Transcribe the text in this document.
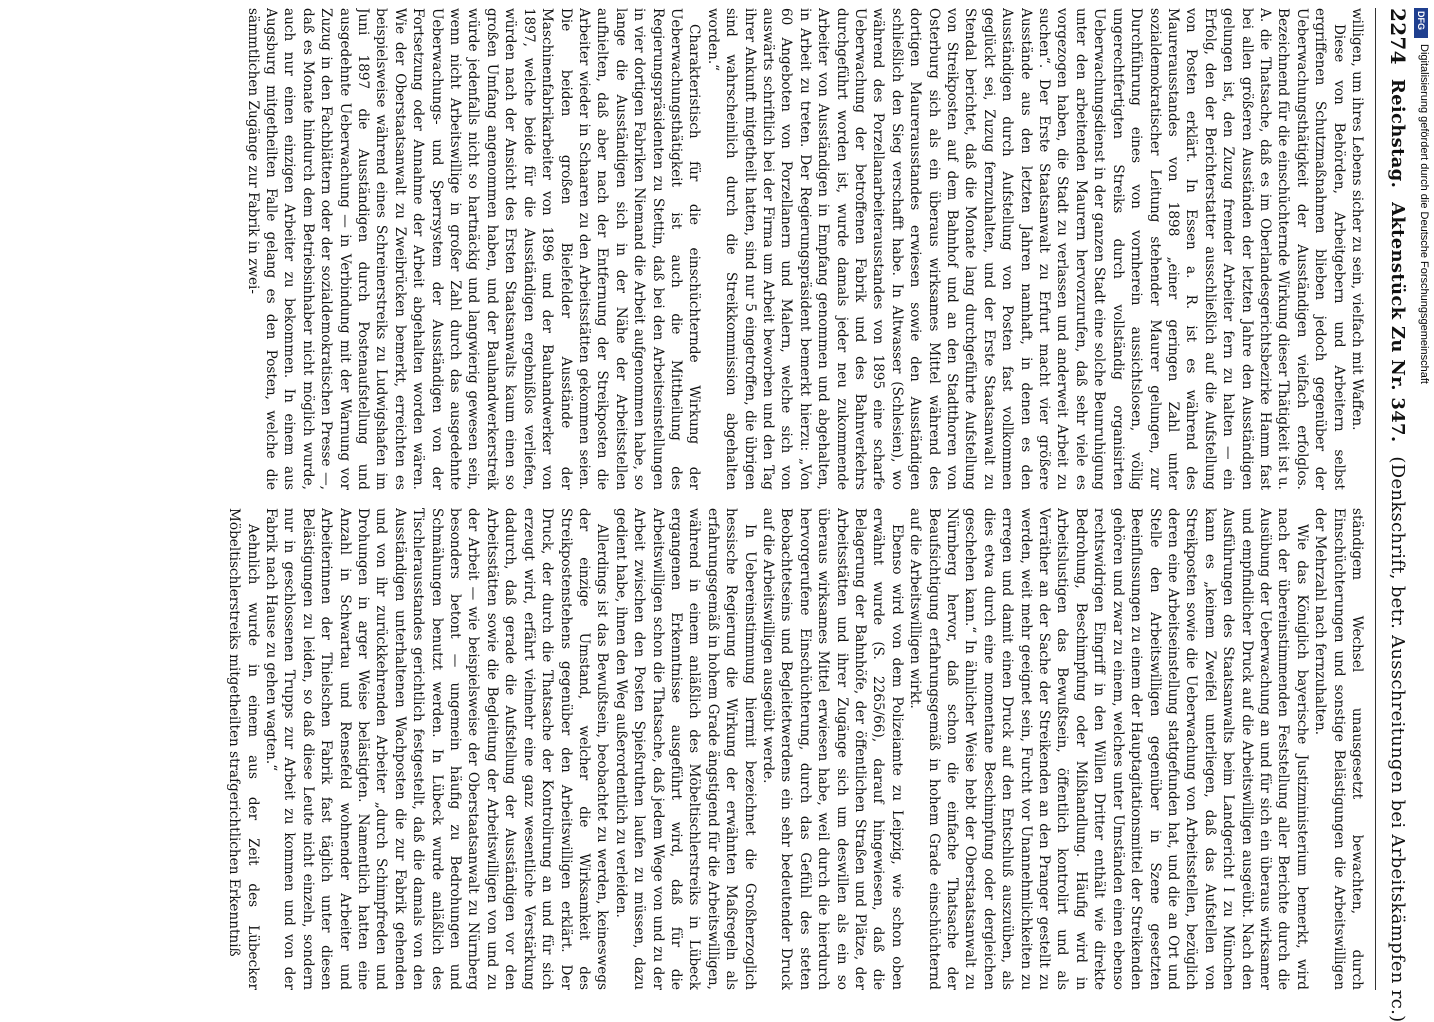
2274
Reichstag.
Aktenstück Zu Nr. 347.
(Denkschrift, betr. Ausschreitungen bei Arbeitskämpfen rc.)

willigen, um ihres Lebens sicher zu sein, vielfach mit Waffen.

Diese von Behörden, Arbeitgebern und Arbeitern selbst ergriffenen Schutzmaßnahmen blieben jedoch gegenüber der Ueberwachungsthätigkeit der Ausständigen vielfach erfolglos. Bezeichnend für die einschüchternde Wirkung dieser Thätigkeit ist u. A. die Thatsache, daß es im Oberlandesgerichtsbezirke Hamm fast bei allen größeren Ausständen der letzten Jahre den Ausständigen gelungen ist, den Zuzug fremder Arbeiter fern zu halten — ein Erfolg, den der Berichterstatter ausschließlich auf die Aufstellung von Posten erklärt. In Essen a. R. ist es während des Maurerausstandes von 1898 „einer geringen Zahl unter sozialdemokratischer Leitung stehender Maurer gelungen, zur Durchführung eines von vornherein aussichtslosen, völlig ungerechtfertigten Streiks durch vollständig organisirten Ueberwachungsdienst in der ganzen Stadt eine solche Beunruhigung unter den arbeitenden Maurern hervorzurufen, daß sehr viele es vorgezogen haben, die Stadt zu verlassen und anderweit Arbeit zu suchen“. Der Erste Staatsanwalt zu Erfurt macht vier größere Ausstände aus den letzten Jahren namhaft, in denen es den Ausständigen durch Aufstellung von Posten fast vollkommen geglückt sei, Zuzug fernzuhalten, und der Erste Staatsanwalt zu Stendal berichtet, daß die Monate lang durchgeführte Aufstellung von Streikposten auf dem Bahnhof und an den Stadtthoren von Osterburg sich als ein überaus wirksames Mittel während des dortigen Maurerausstandes erwiesen sowie den Ausständigen schließlich den Sieg verschafft habe. In Altwasser (Schlesien), wo während des Porzellanarbeiterausstandes von 1895 eine scharfe Ueberwachung der betroffenen Fabrik und des Bahnverkehrs durchgeführt worden ist, wurde damals jeder neu zukommende Arbeiter von Ausständigen in Empfang genommen und abgehalten, in Arbeit zu treten. Der Regierungspräsident bemerkt hierzu: „Von 60 Angeboten von Porzellanern und Malern, welche sich von auswärts schriftlich bei der Firma um Arbeit beworben und den Tag ihrer Ankunft mitgetheilt hatten, sind nur 5 eingetroffen, die übrigen sind wahrscheinlich durch die Streikkommission abgehalten worden.“

Charakteristisch für die einschüchternde Wirkung der Ueberwachungsthätigkeit ist auch die Mittheilung des Regierungspräsidenten zu Stettin, daß bei den Arbeitseinstellungen in vier dortigen Fabriken Niemand die Arbeit aufgenommen habe, so lange die Ausständigen sich in der Nähe der Arbeitsstellen aufhielten, daß aber nach der Entfernung der Streikposten die Arbeiter wieder in Schaaren zu den Arbeitsstätten gekommen seien. Die beiden großen Bielefelder Ausstände der Maschinenfabrikarbeiter von 1896 und der Bauhandwerker von 1897, welche beide für die Ausständigen ergebnißlos verliefen, würden nach der Ansicht des Ersten Staatsanwalts kaum einen so großen Umfang angenommen haben, und der Bauhandwerkerstreik würde jedenfalls nicht so hartnäckig und langwierig gewesen sein, wenn nicht Arbeitswillige in großer Zahl durch das ausgedehnte Ueberwachungs- und Sperrsystem der Ausständigen von der Fortsetzung oder Annahme der Arbeit abgehalten worden wären. Wie der Oberstaatsanwalt zu Zweibrücken bemerkt, erreichten es beispielsweise während eines Schreinerstreiks zu Ludwigshafen im Juni 1897 die Ausständigen durch Postenaufstellung und ausgedehnte Ueberwachung — in Verbindung mit der Warnung vor Zuzug in den Fachblättern oder der sozialdemokratischen Presse —, daß es Monate hindurch dem Betriebsinhaber nicht möglich wurde, auch nur einen einzigen Arbeiter zu bekommen. In einem aus Augsburg mitgetheilten Falle gelang es den Posten, welche die sämmtlichen Zugänge zur Fabrik in zwei-

ständigem Wechsel unausgesetzt bewachten, durch Einschüchterungen und sonstige Belästigungen die Arbeitswilligen der Mehrzahl nach fernzuhalten.

Wie das Königlich bayerische Justizministerium bemerkt, wird nach der übereinstimmenden Feststellung aller Berichte durch die Ausübung der Ueberwachung an und für sich ein überaus wirksamer und empfindlicher Druck auf die Arbeitswilligen ausgeübt. Nach den Ausführungen des Staatsanwalts beim Landgericht I zu München kann es „keinem Zweifel unterliegen, daß das Aufstellen von Streikposten sowie die Ueberwachung von Arbeitsstellen, bezüglich deren eine Arbeitseinstellung stattgefunden hat, und die an Ort und Stelle den Arbeitswilligen gegenüber in Szene gesetzten Beeinflussungen zu einem der Hauptagitationsmittel der Streikenden gehören und zwar zu einem, welches unter Umständen einen ebenso rechtswidrigen Eingriff in den Willen Dritter enthält wie direkte Bedrohung, Beschimpfung oder Mißhandlung. Häufig wird in Arbeitslustigen das Bewußtsein, öffentlich kontrolirt und als Verräther an der Sache der Streikenden an den Pranger gestellt zu werden, weit mehr geeignet sein, Furcht vor Unannehmlichkeiten zu erregen und damit einen Druck auf den Entschluß auszuüben, als dies etwa durch eine momentane Beschimpfung oder dergleichen geschehen kann.“ In ähnlicher Weise hebt der Oberstaatsanwalt zu Nürnberg hervor, daß schon die einfache Thatsache der Beaufsichtigung erfahrungsgemäß in hohem Grade einschüchternd auf die Arbeitswilligen wirkt.

Ebenso wird von dem Polizeiamte zu Leipzig, wie schon oben erwähnt wurde (S. 2265/66), darauf hingewiesen, daß die Belagerung der Bahnhöfe, der öffentlichen Straßen und Plätze, der Arbeitsstätten und ihrer Zugänge sich um deswillen als ein so überaus wirksames Mittel erwiesen habe, weil durch die hierdurch hervorgerufene Einschüchterung, durch das Gefühl des steten Beobachtetseins und Begleitetwerdens ein sehr bedeutender Druck auf die Arbeitswilligen ausgeübt werde.

In Uebereinstimmung hiermit bezeichnet die Großherzoglich hessische Regierung die Wirkung der erwähnten Maßregeln als erfahrungsgemäß in hohem Grade ängstigend für die Arbeitswilligen, während in einem anläßlich des Möbeltischlerstreiks in Lübeck ergangenen Erkenntnisse ausgeführt wird, daß für die Arbeitswilligen schon die Thatsache, daß jedem Wege von und zu der Arbeit zwischen den Posten Spießruthen laufen zu müssen, dazu gedient habe, ihnen den Weg außerordentlich zu verleiden.

Allerdings ist das Bewußtsein, beobachtet zu werden, keineswegs der einzige Umstand, welcher die Wirksamkeit des Streikpostenstehens gegenüber den Arbeitswilligen erklärt. Der Druck, der durch die Thatsache der Kontrolirung an und für sich erzeugt wird, erfährt vielmehr eine ganz wesentliche Verstärkung dadurch, daß gerade die Aufstellung der Ausständigen vor den Arbeitsstätten sowie die Begleitung der Arbeitswilligen von und zu der Arbeit — wie beispielsweise der Oberstaatsanwalt zu Nürnberg besonders betont — ungemein häufig zu Bedrohungen und Schmähungen benutzt werden. In Lübeck wurde anläßlich des Tischlerausstandes gerichtlich festgestellt, daß die damals von den Ausständigen unterhaltenen Wachposten die zur Fabrik gehenden und von ihr zurückkehrenden Arbeiter „durch Schimpfreden und Drohungen in arger Weise belästigten. Namentlich hatten eine Anzahl in Schwartau und Rensefeld wohnender Arbeiter und Arbeiterinnen der Thielschen Fabrik fast täglich unter diesen Belästigungen zu leiden, so daß diese Leute nicht einzeln, sondern nur in geschlossenen Trupps zur Arbeit zu kommen und von der Fabrik nach Hause zu gehen wagten.“

Aehnlich wurde in einem aus der Zeit des Lübecker Möbeltischlerstreiks mitgetheilten strafgerichtlichen Erkenntniß

DFG
Digitalisierung gefördert durch die Deutsche Forschungsgemeinschaft
